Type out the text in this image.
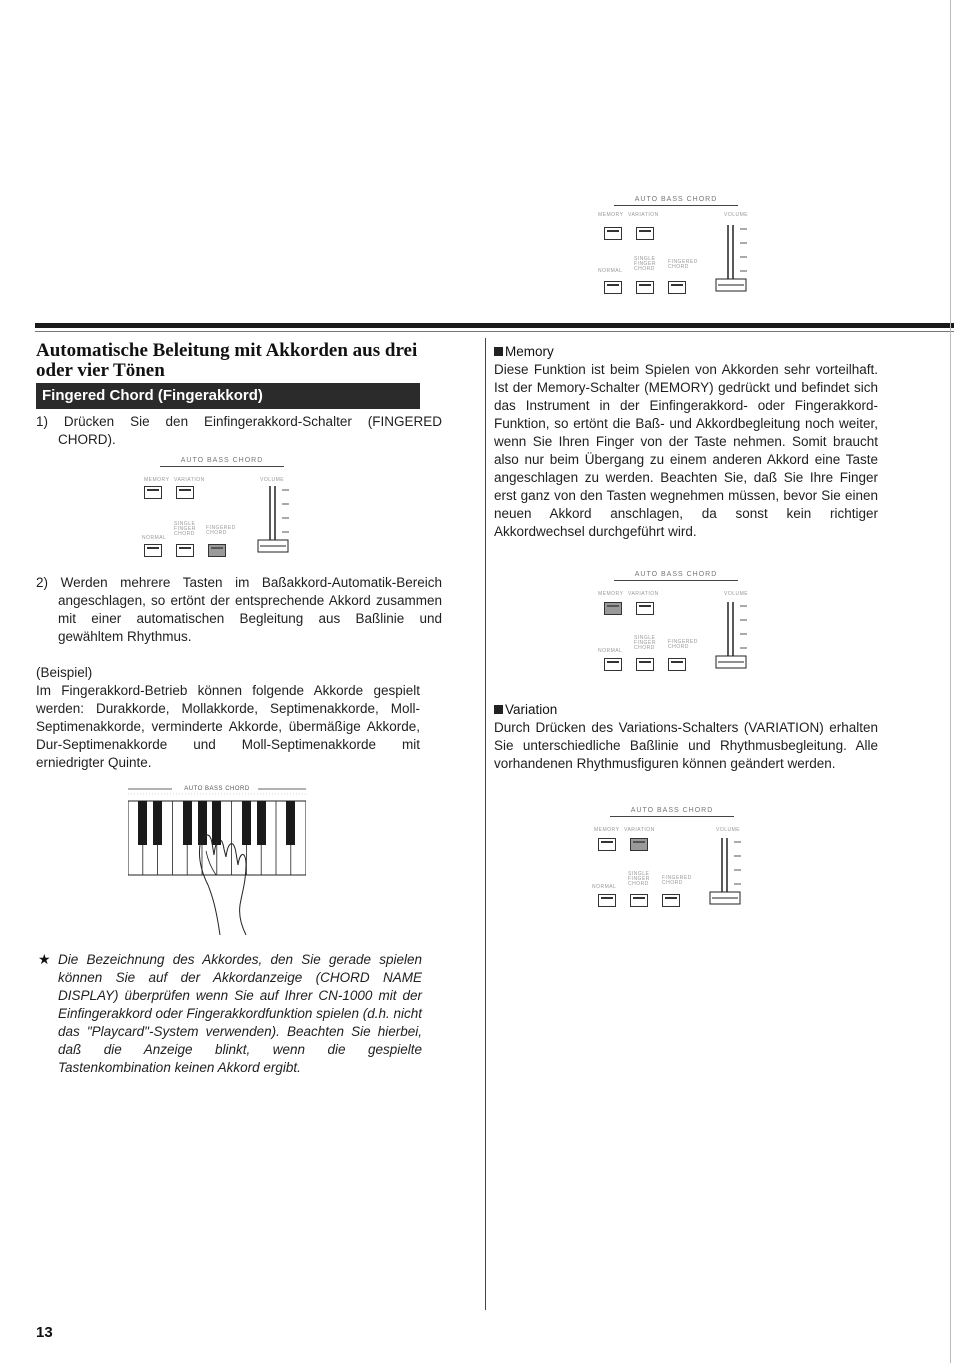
AUTO BASS CHORD
MEMORY VARIATION	VOLUME
SINGLE FINGER CHORD
FINGERED CHORD
NORMAL
Automatische Beleitung mit Akkorden aus drei oder vier Tönen
Fingered Chord (Fingerakkord)

1) Drücken Sie den Einfingerakkord-Schalter (FINGERED CHORD).

AUTO BASS CHORD
MEMORY VARIATION	VOLUME
SINGLE FINGER CHORD
FINGERED CHORD
NORMAL

2) Werden mehrere Tasten im Baßakkord-Automatik-Bereich angeschlagen, so ertönt der entsprechende Akkord zusammen mit einer automatischen Begleitung aus Baßlinie und gewähltem Rhythmus.

(Beispiel)

Im Fingerakkord-Betrieb können folgende Akkorde gespielt werden: Durakkorde, Mollakkorde, Septimenakkorde, Moll-Septimenakkorde, verminderte Akkorde, übermäßige Akkorde, Dur-Septimenakkorde und Moll-Septimenakkorde mit erniedrigter Quinte.

AUTO BASS CHORD
★ Die Bezeichnung des Akkordes, den Sie gerade spielen können Sie auf der Akkordanzeige (CHORD NAME DISPLAY) überprüfen wenn Sie auf Ihrer CN-1000 mit der Einfingerakkord oder Fingerakkordfunktion spielen (d.h. nicht das "Playcard"-System verwenden). Beachten Sie hierbei, daß die Anzeige blinkt, wenn die gespielte Tastenkombination keinen Akkord ergibt.

13
Memory

Diese Funktion ist beim Spielen von Akkorden sehr vorteilhaft. Ist der Memory-Schalter (MEMORY) gedrückt und befindet sich das Instrument in der Einfingerakkord- oder Fingerakkord-Funktion, so ertönt die Baß- und Akkordbegleitung noch weiter, wenn Sie Ihren Finger von der Taste nehmen. Somit braucht also nur beim Übergang zu einem anderen Akkord eine Taste angeschlagen zu werden. Beachten Sie, daß Sie Ihre Finger erst ganz von den Tasten wegnehmen müssen, bevor Sie einen neuen Akkord anschlagen, da sonst kein richtiger Akkordwechsel durchgeführt wird.

AUTO BASS CHORD
MEMORY VARIATION	VOLUME
SINGLE FINGER CHORD
FINGERED CHORD
NORMAL
Variation

Durch Drücken des Variations-Schalters (VARIATION) erhalten Sie unterschiedliche Baßlinie und Rhythmusbegleitung. Alle vorhandenen Rhythmusfiguren können geändert werden.

AUTO BASS CHORD
MEMORY VARIATION	VOLUME
SINGLE FINGER CHORD
FINGERED CHORD
NORMAL
